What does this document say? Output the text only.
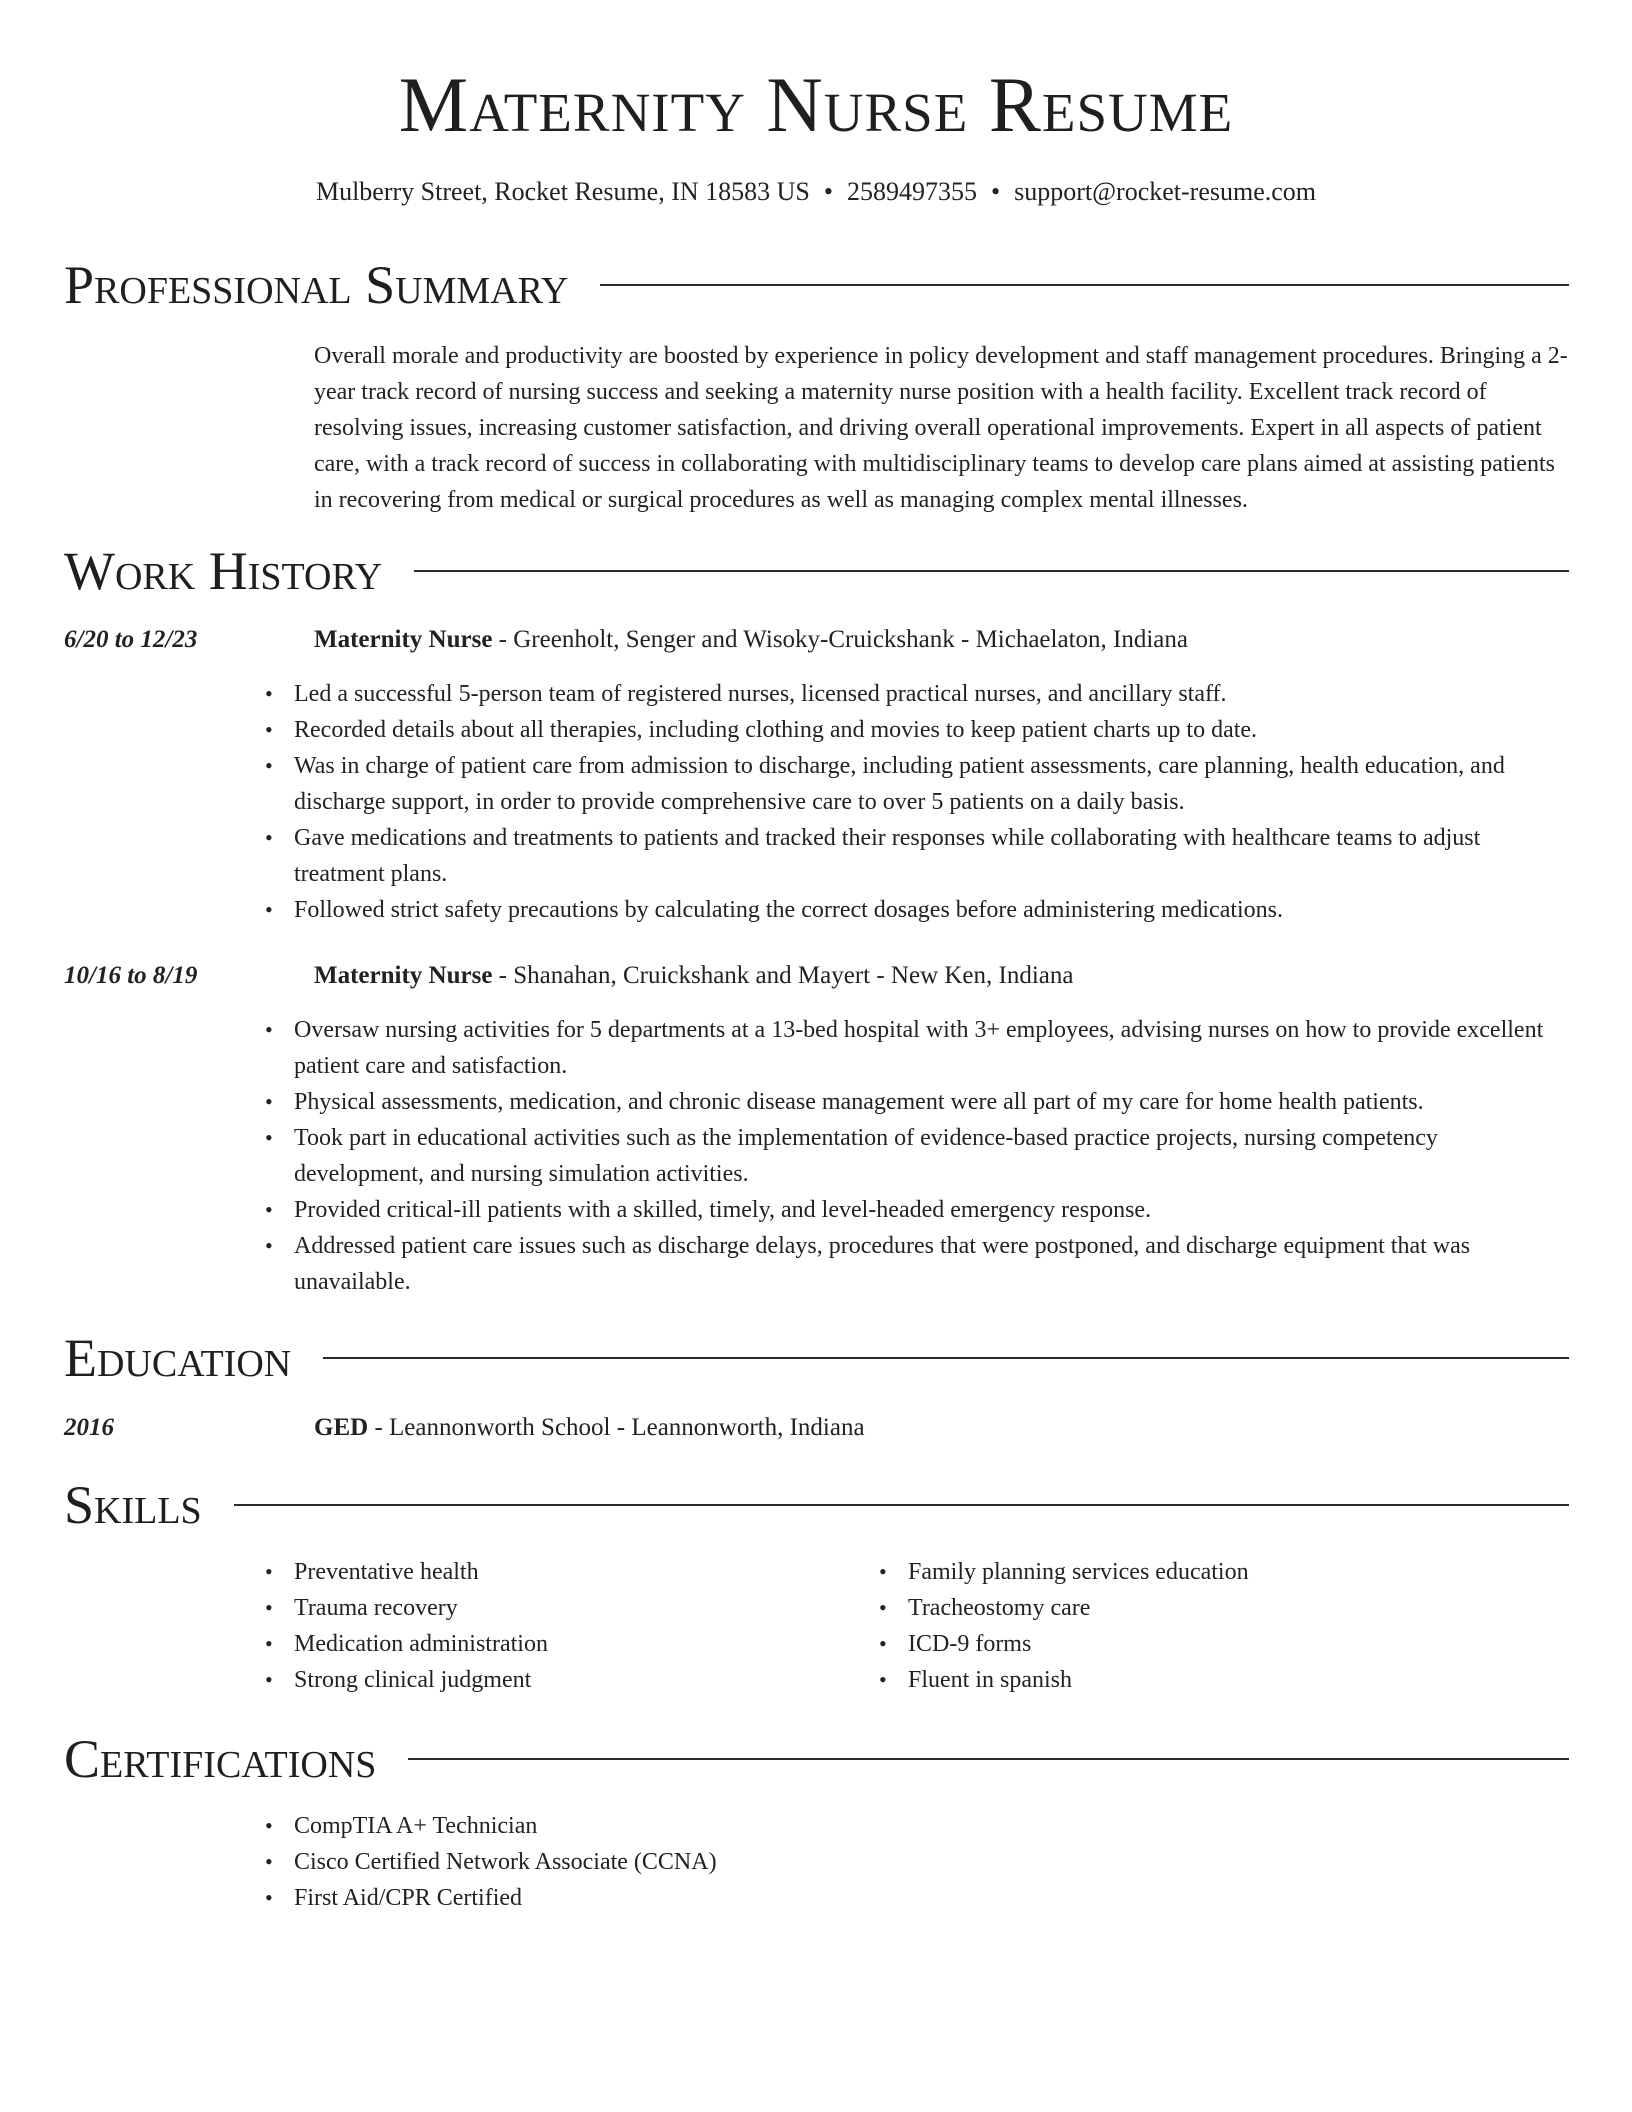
Maternity Nurse Resume
Mulberry Street, Rocket Resume, IN 18583 US • 2589497355 • support@rocket-resume.com
Professional Summary

Overall morale and productivity are boosted by experience in policy development and staff management procedures. Bringing a 2-year track record of nursing success and seeking a maternity nurse position with a health facility. Excellent track record of resolving issues, increasing customer satisfaction, and driving overall operational improvements. Expert in all aspects of patient care, with a track record of success in collaborating with multidisciplinary teams to develop care plans aimed at assisting patients in recovering from medical or surgical procedures as well as managing complex mental illnesses.

Work History
6/20 to 12/23	Maternity Nurse - Greenholt, Senger and Wisoky-Cruickshank - Michaelaton, Indiana
• Led a successful 5-person team of registered nurses, licensed practical nurses, and ancillary staff.
• Recorded details about all therapies, including clothing and movies to keep patient charts up to date.
• Was in charge of patient care from admission to discharge, including patient assessments, care planning, health education, and discharge support, in order to provide comprehensive care to over 5 patients on a daily basis.
• Gave medications and treatments to patients and tracked their responses while collaborating with healthcare teams to adjust treatment plans.
• Followed strict safety precautions by calculating the correct dosages before administering medications.
10/16 to 8/19	Maternity Nurse - Shanahan, Cruickshank and Mayert - New Ken, Indiana
• Oversaw nursing activities for 5 departments at a 13-bed hospital with 3+ employees, advising nurses on how to provide excellent patient care and satisfaction.
• Physical assessments, medication, and chronic disease management were all part of my care for home health patients.
• Took part in educational activities such as the implementation of evidence-based practice projects, nursing competency development, and nursing simulation activities.
• Provided critical-ill patients with a skilled, timely, and level-headed emergency response.
• Addressed patient care issues such as discharge delays, procedures that were postponed, and discharge equipment that was unavailable.
Education
2016	GED - Leannonworth School - Leannonworth, Indiana
Skills
• Preventative health
• Trauma recovery
• Medication administration
• Strong clinical judgment
• Family planning services education
• Tracheostomy care
• ICD-9 forms
• Fluent in spanish
Certifications
• CompTIA A+ Technician
• Cisco Certified Network Associate (CCNA)
• First Aid/CPR Certified
